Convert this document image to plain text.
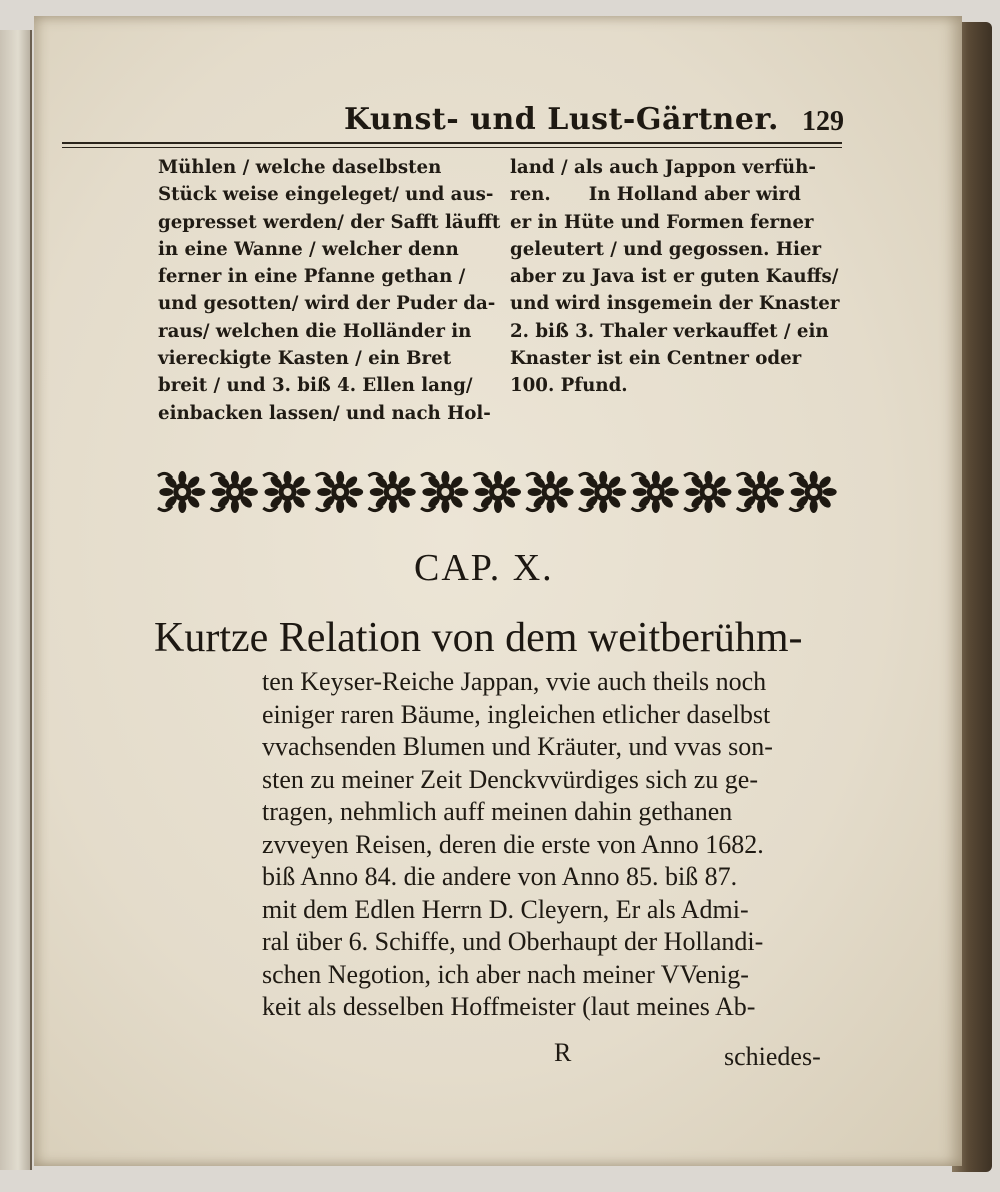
Kunst- und Lust-Gärtner. 129
Mühlen / welche daselbsten
Stück weise eingeleget/ und aus-
gepresset werden/ der Safft läufft
in eine Wanne / welcher denn
ferner in eine Pfanne gethan /
und gesotten/ wird der Puder da-
raus/ welchen die Holländer in
viereckigte Kasten / ein Bret
breit / und 3. biß 4. Ellen lang/
einbacken lassen/ und nach Hol-
land / als auch Jappon verfüh-
ren.      In Holland aber wird
er in Hüte und Formen ferner
geleutert / und gegossen. Hier
aber zu Java ist er guten Kauffs/
und wird insgemein der Knaster
2. biß 3. Thaler verkauffet / ein
Knaster ist ein Centner oder
100. Pfund.
CAP. X.
Kurtze Relation von dem weitberühm-
ten Keyser-Reiche Jappan, vvie auch theils noch
einiger raren Bäume, ingleichen etlicher daselbst
vvachsenden Blumen und Kräuter, und vvas son-
sten zu meiner Zeit Denckvvürdiges sich zu ge-
tragen, nehmlich auff meinen dahin gethanen
zvveyen Reisen, deren die erste von Anno 1682.
biß Anno 84. die andere von Anno 85. biß 87.
mit dem Edlen Herrn D. Cleyern, Er als Admi-
ral über 6. Schiffe, und Oberhaupt der Hollandi-
schen Negotion, ich aber nach meiner VVenig-
keit als desselben Hoffmeister (laut meines Ab-
R	schiedes-
